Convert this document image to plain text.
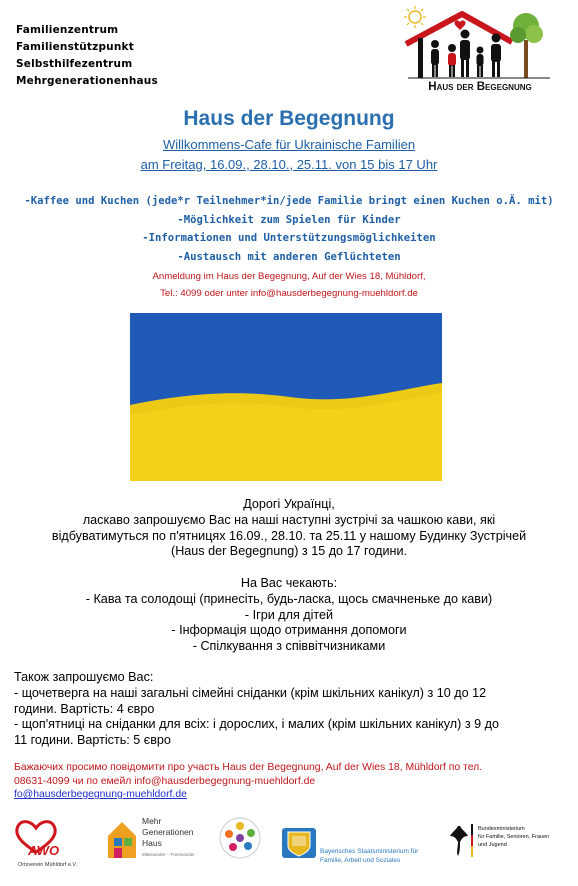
Familienzentrum
Familienstützpunkt
Selbsthilfezentrum
Mehrgenerationenhaus	Haus der Begegnung
Haus der Begegnung
Willkommens-Cafe für Ukrainische Familien
am Freitag, 16.09., 28.10., 25.11. von 15 bis 17 Uhr
-Kaffee und Kuchen (jede*r Teilnehmer*in/jede Familie bringt einen Kuchen o.Ä. mit)
-Möglichkeit zum Spielen für Kinder
-Informationen und Unterstützungsmöglichkeiten
-Austausch mit anderen Geflüchteten
Anmeldung im Haus der Begegnung, Auf der Wies 18, Mühldorf,
Tel.: 4099 oder unter info@hausderbegegnung-muehldorf.de
Дорогі Українці,
ласкаво запрошуємо Вас на наші наступні зустрічі за чашкою кави, які
відбуватимуться по п'ятницях 16.09., 28.10. та 25.11 у нашому Будинку Зустрічей
(Haus der Begegnung) з 15 до 17 години.
На Вас чекають:
- Кава та солодощі (принесіть, будь-ласка, щось смачненьке до кави)
- Ігри для дітей
- Інформація щодо отримання допомоги
- Спілкування з співвітчизниками
Також запрошуємо Вас:
- щочетверга на наші загальні сімейні сніданки (крім шкільних канікул) з 10 до 12
години. Вартість: 4 євро
- щоп'ятниці на сніданки для всіх: і дорослих, і малих (крім шкільних канікул) з 9 до
11 години. Вартість: 5 євро
Бажаючих просимо повідомити про участь Haus der Begegnung, Auf der Wies 18, Mühldorf по тел.
08631-4099 чи по емейл info@hausderbegegnung-muehldorf.de
fo@hausderbegegnung-muehldorf.de
AWO
Ortsverein Mühldorf e.V.
Mehr
Generationen
Haus
Miteinander – Füreinander	Bayerisches Staatsministerium für
Familie, Arbeit und Soziales
Bundesministerium
für Familie, Senioren, Frauen
und Jugend
